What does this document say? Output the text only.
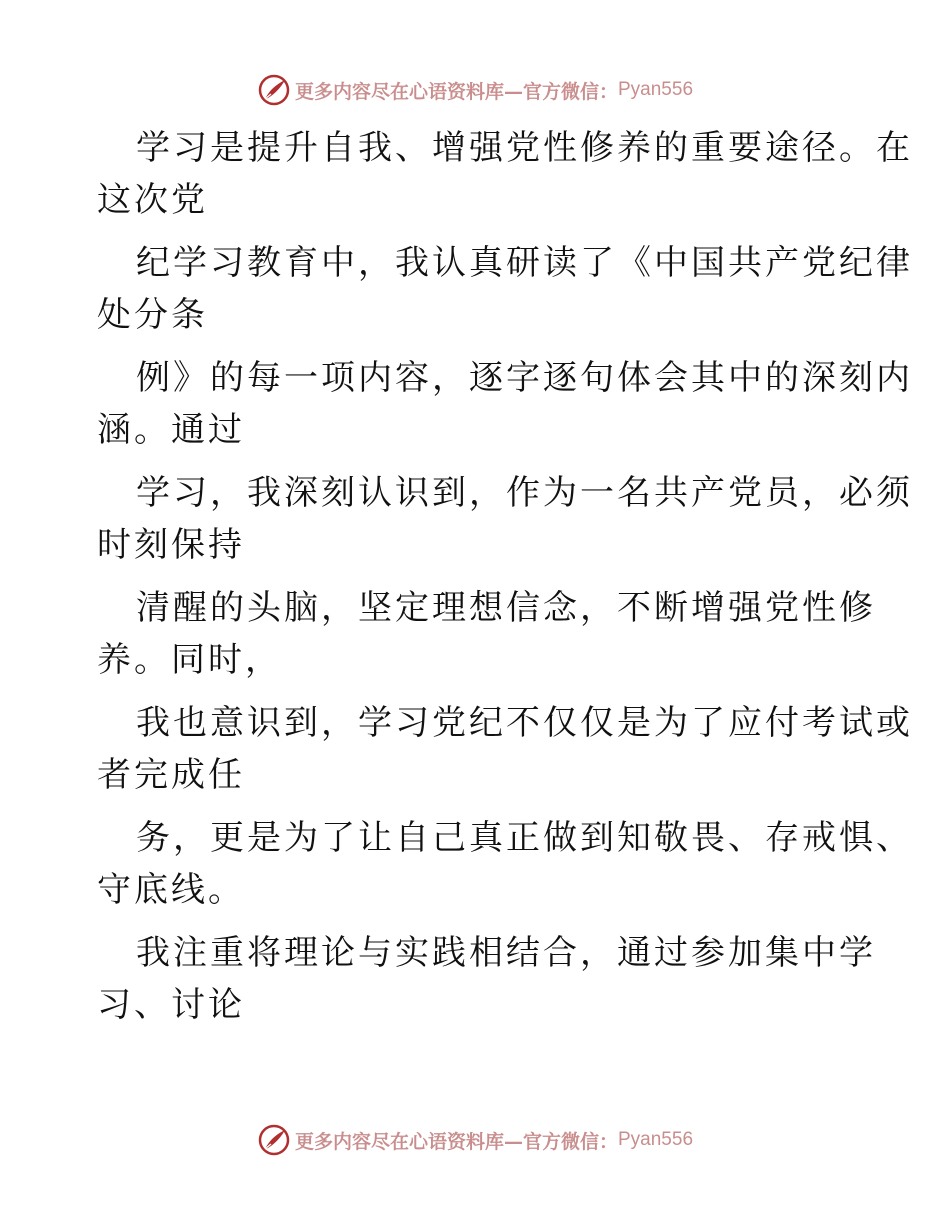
更多内容尽在心语资料库—官方微信： Pyan556
学习是提升自我、增强党性修养的重要途径。在
这次党
纪学习教育中，我认真研读了《中国共产党纪律
处分条
例》的每一项内容，逐字逐句体会其中的深刻内
涵。通过
学习，我深刻认识到，作为一名共产党员，必须
时刻保持
清醒的头脑，坚定理想信念，不断增强党性修
养。同时，
我也意识到，学习党纪不仅仅是为了应付考试或
者完成任
务，更是为了让自己真正做到知敬畏、存戒惧、
守底线。
我注重将理论与实践相结合，通过参加集中学
习、讨论
更多内容尽在心语资料库—官方微信： Pyan556
